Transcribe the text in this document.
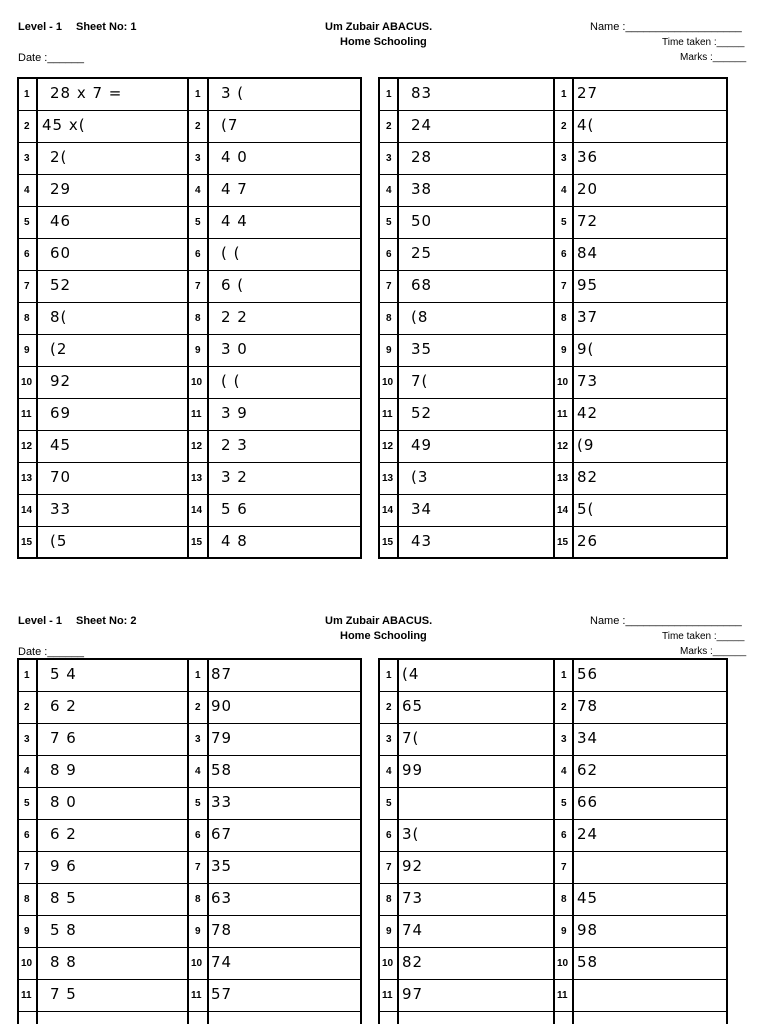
Level - 1 Sheet No: 1	Um Zubair ABACUS.
Home Schooling
Date :______
Name :___________________
Time taken :_____
Marks :______
1
2
3
4
5
6
7
8
9
10
11
12
13
14
15
1
2
3
4
5
6
7
8
9
10
11
12
13
14
15
1
2
3
4
5
6
7
8
9
10
11
12
13
14
15
1
2
3
4
5
6
7
8
9
10
11
12
13
14
15
28 x 7 =
45 x(
2(
29
46
60
52
8(
(2
92
69
45
70
33
(5
3 (
(7
4 0
4 7
4 4
( (
6 (
2 2
3 0
( (
3 9
2 3
3 2
5 6
4 8
83
24
28
38
50
25
68
(8
35
7(
52
49
(3
34
43
27
4(
36
20
72
84
95
37
9(
73
42
(9
82
5(
26
Level - 1 Sheet No: 2	Um Zubair ABACUS.
Home Schooling
Date :______
Name :___________________
Time taken :_____
Marks :______
1
2
3
4
5
6
7
8
9
10
11
1
2
3
4
5
6
7
8
9
10
11
1
2
3
4
5
6
7
8
9
10
11
1
2
3
4
5
6
7
8
9
10
11
5 4
6 2
7 6
8 9
8 0
6 2
9 6
8 5
5 8
8 8
7 5
87
90
79
58
33
67
35
63
78
74
57
(4
65
7(
99
3(
92
73
74
82
97
56
78
34
62
66
24
45
98
58
